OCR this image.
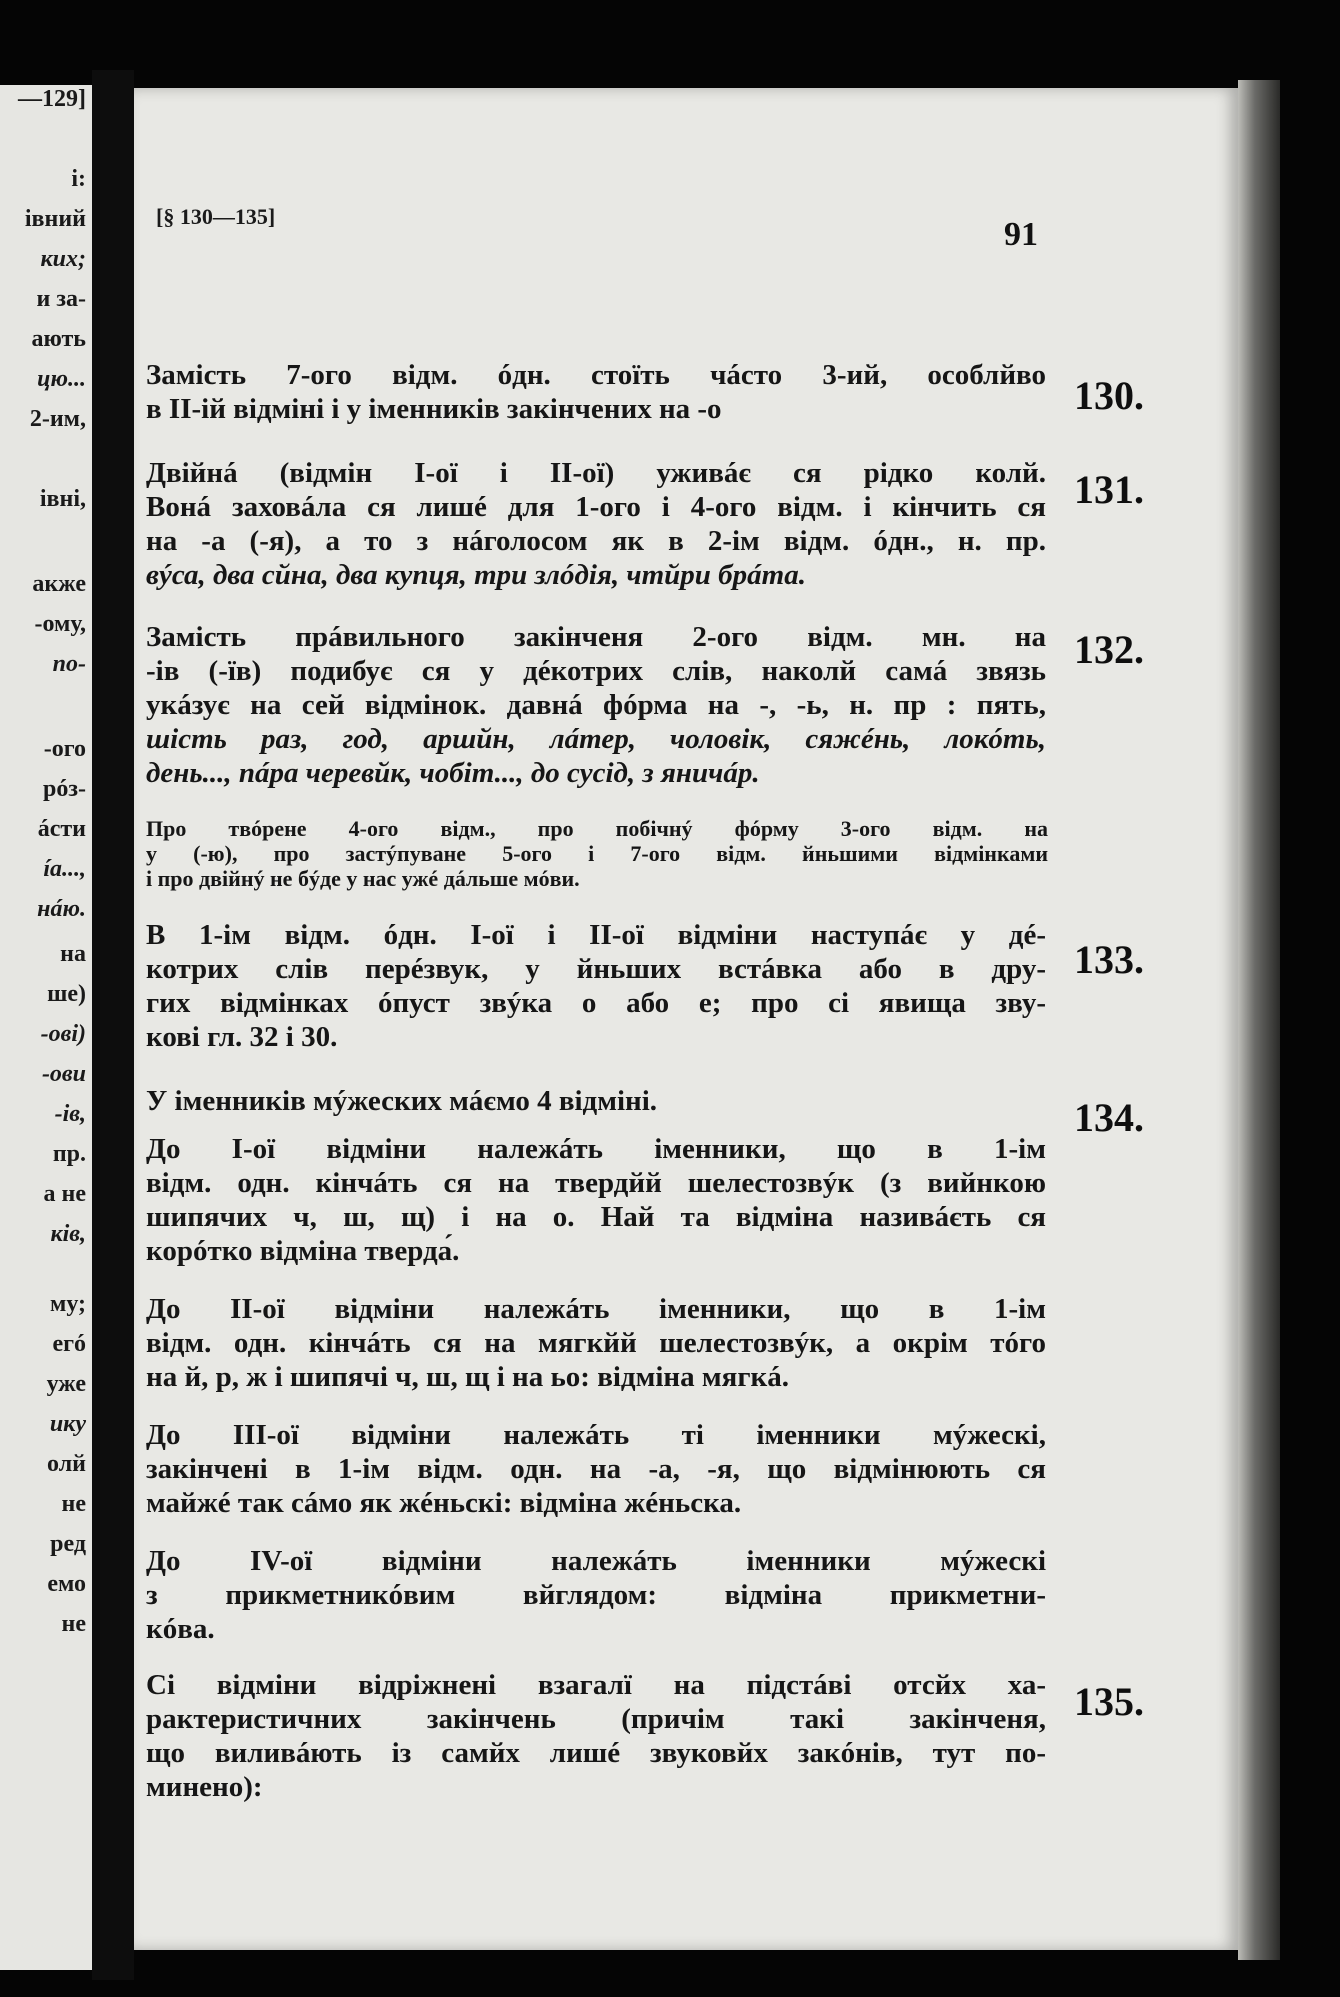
—129]
і:
івний
ких;
и за-
ають
цю...
2-им,
івні,
акже
-ому,
по-
-ого
рóз-
ácти
ía...,
нáю.
на
ше)
-ові)
-ови
-ів,
пр.
а не
ків,
му;
егó
уже
ику
олй
не
ред
емо
не
[§ 130—135]	91
Заміcть 7-ого відм. óдн. стоїть чáсто 3-ий, особлйво
в ІІ-ій відміні і у іменників закінчених на -о	130.
Двійнá (відмін І-ої і ІІ-ої) уживáє ся рідко колй.
Вонá заховáла ся лишé для 1-ого і 4-ого відм. і кінчить ся
на -а (-я), а то з нáголосом як в 2-ім відм. óдн., н. пр.
вýса, два сйна, два купця, три злóдія, чтйри брáта.
131.
Заміcть прáвильного закінченя 2-ого відм. мн. на
-ів (-їв) подибує ся у дéкотрих слів, наколй самá звязь
укáзує на сей відмінок. давнá фóрма на -, -ь, н. пр : пять,
шість раз, год, аршйн, лáтер, чоловік, сяжéнь, локóть,
день..., пáра черевйк, чобіт..., до сусід, з яничáр.
132.
Про твóрене 4-ого відм., про побічнý фóрму 3-ого відм. на
у (-ю), про застýпуване 5-ого і 7-ого відм. йньшими відмінками
і про двійнý не бýде у нас ужé дáльше мóви.
В 1-ім відм. óдн. І-ої і ІІ-ої відміни наступáє у дé-
котрих слів перéзвук, у йньших встáвка або в дру-
гих відмінках óпуст звýка о або е; про сі явища зву-
кові гл. 32 і 30.
133.
У іменників мýжеских мáємо 4 відміні.	134.
До І-ої відміни належáть іменники, що в 1-ім
відм. одн. кінчáть ся на твердйй шелеcтозвýк (з вийнкою
шипячих ч, ш, щ) і на о. Най та відміна називáєть ся
корóтко відміна тверда́.
До ІІ-ої відміни належáть іменники, що в 1-ім
відм. одн. кінчáть ся на мягкйй шелестозвýк, а окрім тóго
на й, р, ж і шипячі ч, ш, щ і на ьо: відміна мягкá.
До ІІІ-ої відміни належáть ті іменники мýжескі,
закінчені в 1-ім відм. одн. на -а, -я, що відмінюють ся
майжé так сáмо як жéньскі: відміна жéньска.
До IV-ої відміни належáть іменники мýжескі
з прикметникóвим вйглядом: відміна прикметни-
кóва.
Сі відміни відріжнені взагалї на підстáві отсйх ха-
рактеристичних закінчень (причім такі закінченя,
що виливáють із самйх лишé звуковйх закóнів, тут по-
минено):
135.
